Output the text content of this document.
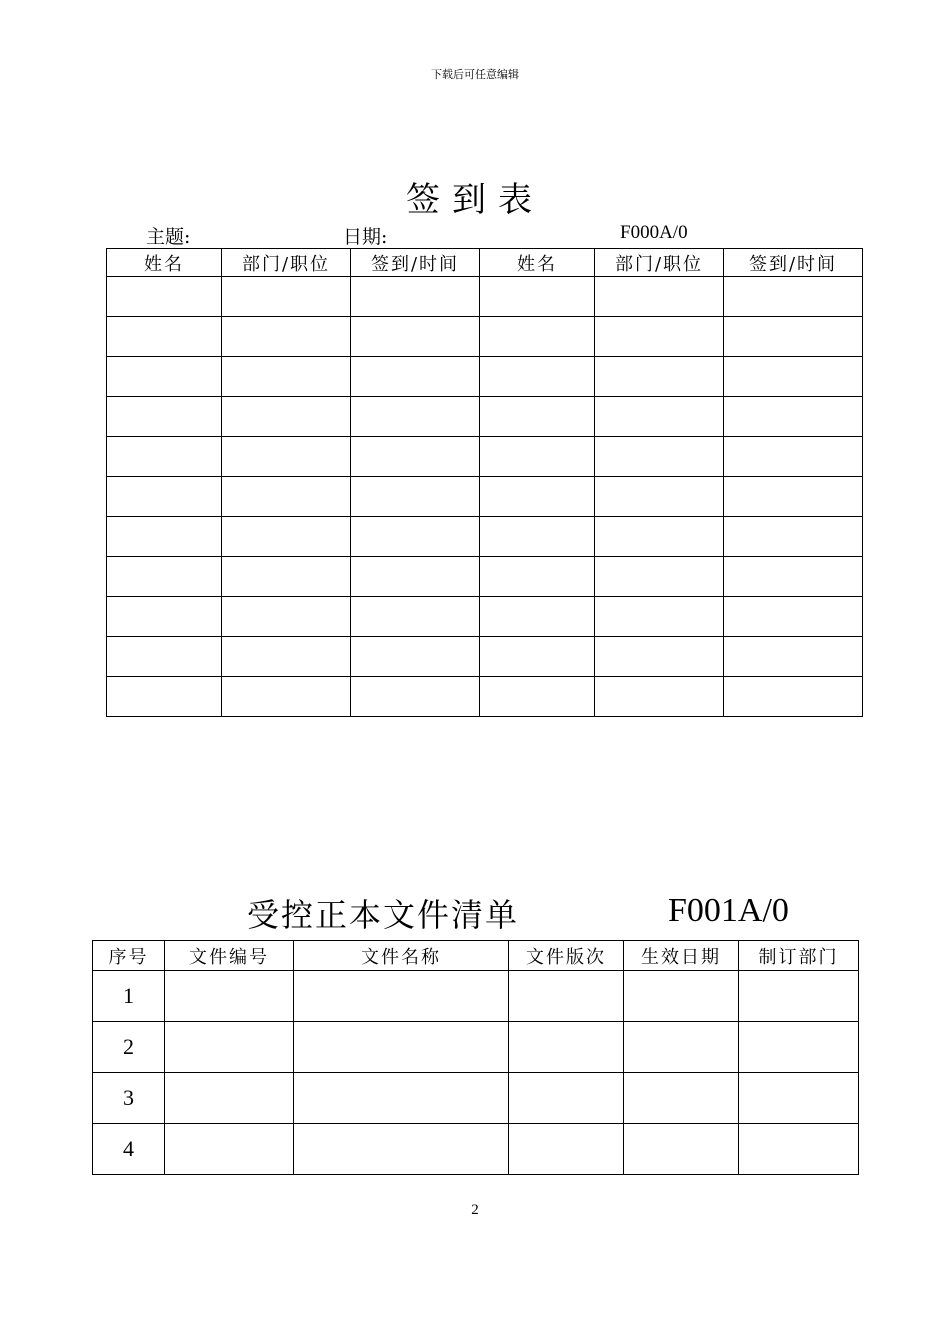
下载后可任意编辑
签到表
主题:	日期:	F000A/0
姓名	部门/职位	签到/时间	姓名	部门/职位	签到/时间

受控正本文件清单	F001A/0
序号	文件编号	文件名称	文件版次	生效日期	制订部门
1					
2					
3					
4					
2
